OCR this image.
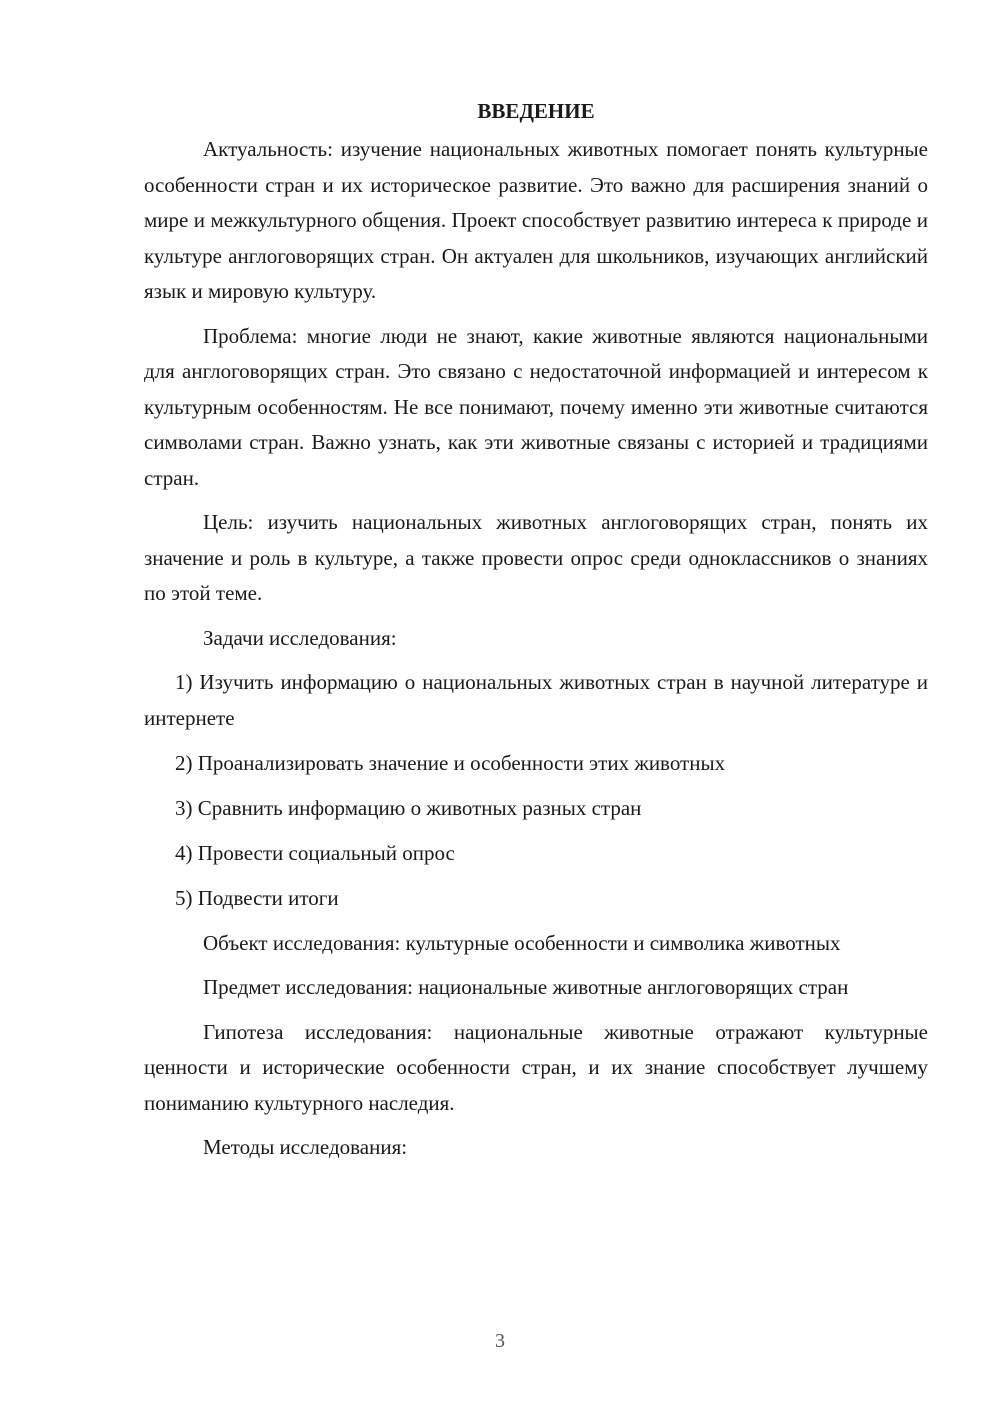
ВВЕДЕНИЕ

Актуальность: изучение национальных животных помогает понять культурные особенности стран и их историческое развитие. Это важно для расширения знаний о мире и межкультурного общения. Проект способствует развитию интереса к природе и культуре англоговорящих стран. Он актуален для школьников, изучающих английский язык и мировую культуру.

Проблема: многие люди не знают, какие животные являются национальными для англоговорящих стран. Это связано с недостаточной информацией и интересом к культурным особенностям. Не все понимают, почему именно эти животные считаются символами стран. Важно узнать, как эти животные связаны с историей и традициями стран.

Цель: изучить национальных животных англоговорящих стран, понять их значение и роль в культуре, а также провести опрос среди одноклассников о знаниях по этой теме.

Задачи исследования:

1) Изучить информацию о национальных животных стран в научной литературе и интернете

2) Проанализировать значение и особенности этих животных

3) Сравнить информацию о животных разных стран

4) Провести социальный опрос

5) Подвести итоги

Объект исследования: культурные особенности и символика животных

Предмет исследования: национальные животные англоговорящих стран

Гипотеза исследования: национальные животные отражают культурные ценности и исторические особенности стран, и их знание способствует лучшему пониманию культурного наследия.

Методы исследования:

3
